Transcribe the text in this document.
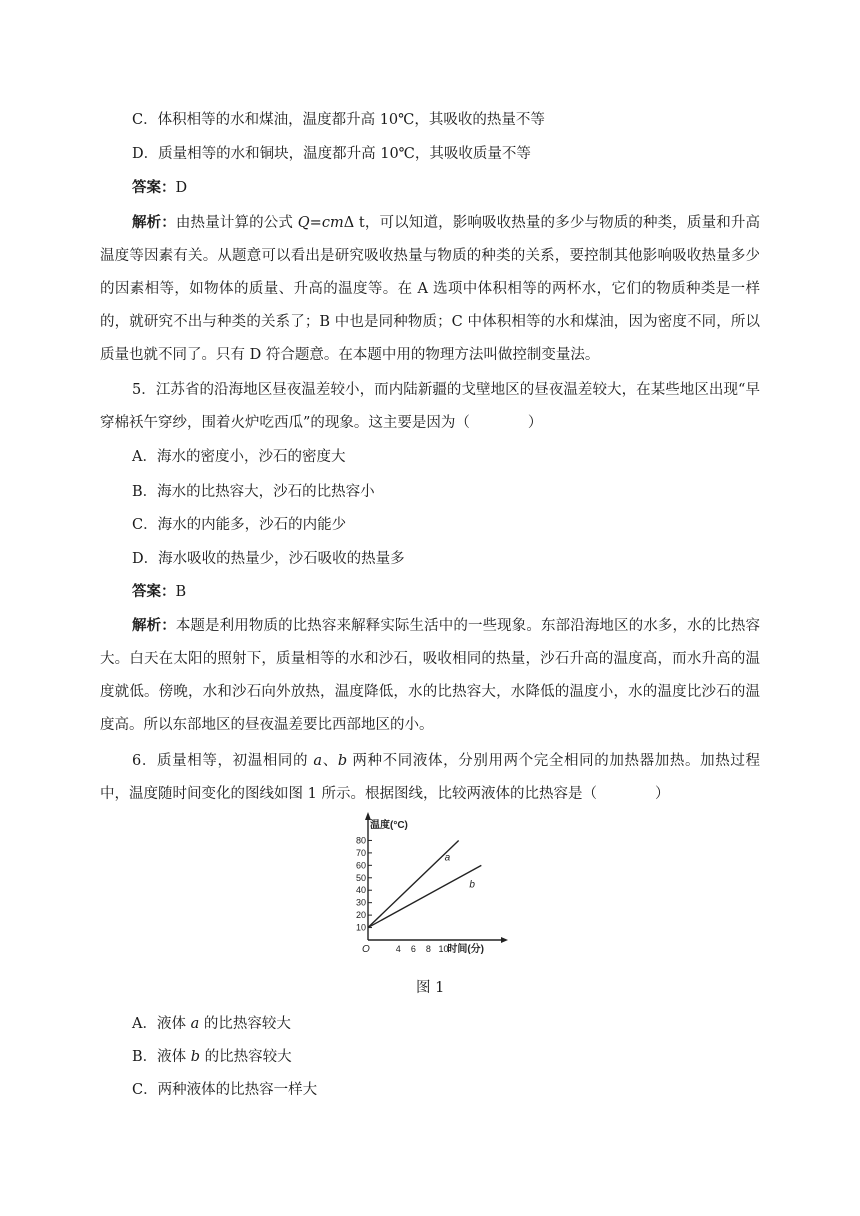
C．体积相等的水和煤油，温度都升高 10℃，其吸收的热量不等
D．质量相等的水和铜块，温度都升高 10℃，其吸收质量不等
答案：D
解析：由热量计算的公式 Q=cmΔ t，可以知道，影响吸收热量的多少与物质的种类，质量和升高温度等因素有关。从题意可以看出是研究吸收热量与物质的种类的关系，要控制其他影响吸收热量多少的因素相等，如物体的质量、升高的温度等。在 A 选项中体积相等的两杯水，它们的物质种类是一样的，就研究不出与种类的关系了；B 中也是同种物质；C 中体积相等的水和煤油，因为密度不同，所以质量也就不同了。只有 D 符合题意。在本题中用的物理方法叫做控制变量法。
5．江苏省的沿海地区昼夜温差较小，而内陆新疆的戈壁地区的昼夜温差较大，在某些地区出现“早穿棉袄午穿纱，围着火炉吃西瓜”的现象。这主要是因为（　　　　）
A．海水的密度小，沙石的密度大
B．海水的比热容大，沙石的比热容小
C．海水的内能多，沙石的内能少
D．海水吸收的热量少，沙石吸收的热量多
答案：B
解析：本题是利用物质的比热容来解释实际生活中的一些现象。东部沿海地区的水多，水的比热容大。白天在太阳的照射下，质量相等的水和沙石，吸收相同的热量，沙石升高的温度高，而水升高的温度就低。傍晚，水和沙石向外放热，温度降低，水的比热容大，水降低的温度小，水的温度比沙石的温度高。所以东部地区的昼夜温差要比西部地区的小。
6．质量相等，初温相同的 a、b 两种不同液体，分别用两个完全相同的加热器加热。加热过程中，温度随时间变化的图线如图 1 所示。根据图线，比较两液体的比热容是（　　　　）
10
20
30
40
50
60
70
80
4 6 8 10
O
温度(°C)
时间(分)
a
b
图 1
A．液体 a 的比热容较大
B．液体 b 的比热容较大
C．两种液体的比热容一样大
